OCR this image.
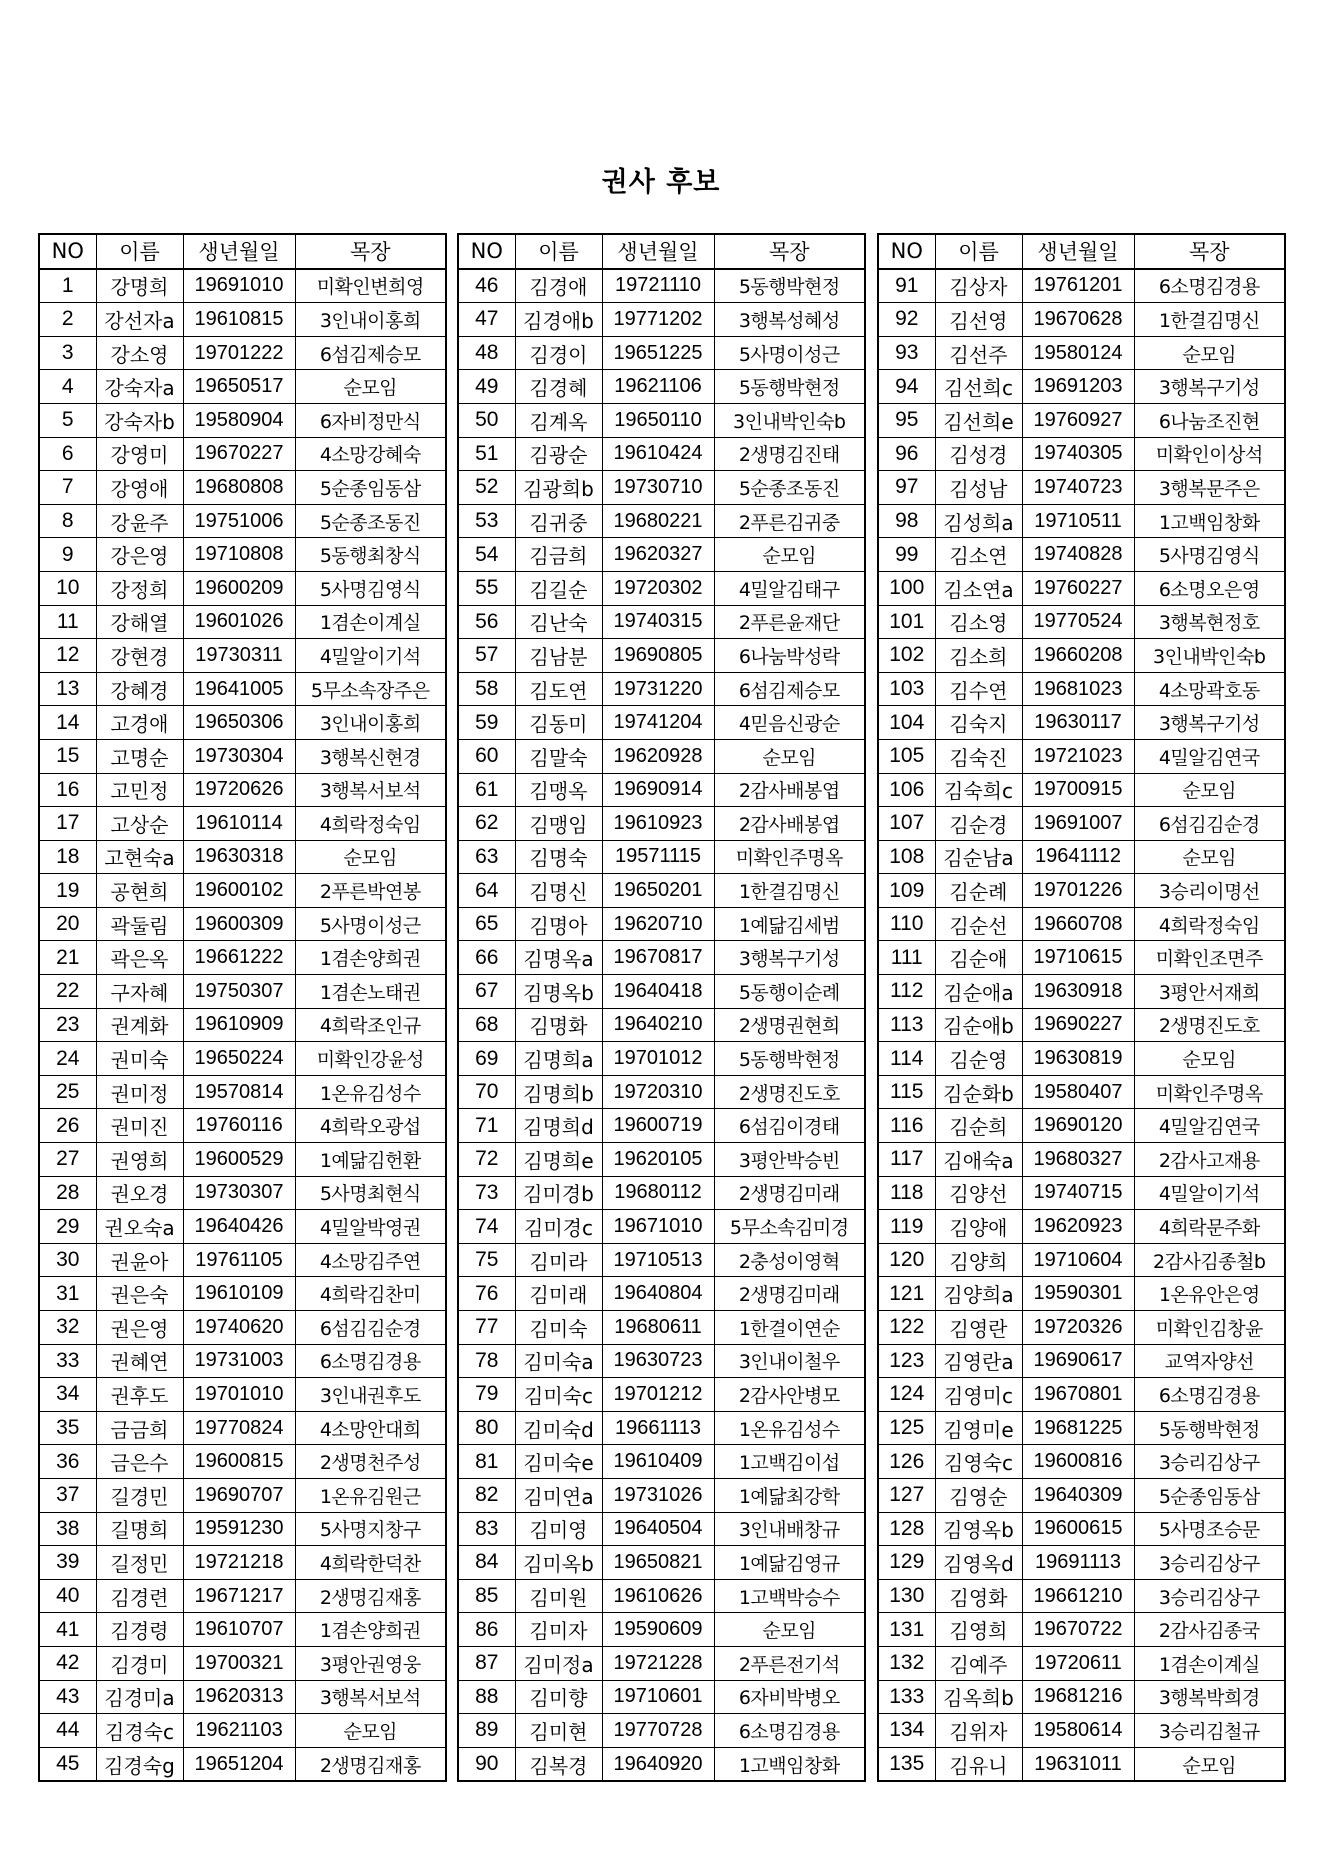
권사 후보
NO	이름	생년월일	목장
1	강명희	19691010	미확인변희영
2	강선자a	19610815	3인내이홍희
3	강소영	19701222	6섬김제승모
4	강숙자a	19650517	순모임
5	강숙자b	19580904	6자비정만식
6	강영미	19670227	4소망강혜숙
7	강영애	19680808	5순종임동삼
8	강윤주	19751006	5순종조동진
9	강은영	19710808	5동행최창식
10	강정희	19600209	5사명김영식
11	강해열	19601026	1겸손이계실
12	강현경	19730311	4밀알이기석
13	강혜경	19641005	5무소속장주은
14	고경애	19650306	3인내이홍희
15	고명순	19730304	3행복신현경
16	고민정	19720626	3행복서보석
17	고상순	19610114	4희락정숙임
18	고현숙a	19630318	순모임
19	공현희	19600102	2푸른박연봉
20	곽둘림	19600309	5사명이성근
21	곽은옥	19661222	1겸손양희권
22	구자혜	19750307	1겸손노태권
23	권계화	19610909	4희락조인규
24	권미숙	19650224	미확인강윤성
25	권미정	19570814	1온유김성수
26	권미진	19760116	4희락오광섭
27	권영희	19600529	1예닮김헌환
28	권오경	19730307	5사명최현식
29	권오숙a	19640426	4밀알박영권
30	권윤아	19761105	4소망김주연
31	권은숙	19610109	4희락김찬미
32	권은영	19740620	6섬김김순경
33	권혜연	19731003	6소명김경용
34	권후도	19701010	3인내권후도
35	금금희	19770824	4소망안대희
36	금은수	19600815	2생명천주성
37	길경민	19690707	1온유김원근
38	길명희	19591230	5사명지창구
39	길정민	19721218	4희락한덕찬
40	김경련	19671217	2생명김재홍
41	김경령	19610707	1겸손양희권
42	김경미	19700321	3평안권영웅
43	김경미a	19620313	3행복서보석
44	김경숙c	19621103	순모임
45	김경숙g	19651204	2생명김재홍
NO	이름	생년월일	목장
46	김경애	19721110	5동행박현정
47	김경애b	19771202	3행복성혜성
48	김경이	19651225	5사명이성근
49	김경혜	19621106	5동행박현정
50	김계옥	19650110	3인내박인숙b
51	김광순	19610424	2생명김진태
52	김광희b	19730710	5순종조동진
53	김귀중	19680221	2푸른김귀중
54	김금희	19620327	순모임
55	김길순	19720302	4밀알김태구
56	김난숙	19740315	2푸른윤재단
57	김남분	19690805	6나눔박성락
58	김도연	19731220	6섬김제승모
59	김동미	19741204	4믿음신광순
60	김말숙	19620928	순모임
61	김맹옥	19690914	2감사배봉엽
62	김맹임	19610923	2감사배봉엽
63	김명숙	19571115	미확인주명옥
64	김명신	19650201	1한결김명신
65	김명아	19620710	1예닮김세범
66	김명옥a	19670817	3행복구기성
67	김명옥b	19640418	5동행이순례
68	김명화	19640210	2생명권현희
69	김명희a	19701012	5동행박현정
70	김명희b	19720310	2생명진도호
71	김명희d	19600719	6섬김이경태
72	김명희e	19620105	3평안박승빈
73	김미경b	19680112	2생명김미래
74	김미경c	19671010	5무소속김미경
75	김미라	19710513	2충성이영혁
76	김미래	19640804	2생명김미래
77	김미숙	19680611	1한결이연순
78	김미숙a	19630723	3인내이철우
79	김미숙c	19701212	2감사안병모
80	김미숙d	19661113	1온유김성수
81	김미숙e	19610409	1고백김이섭
82	김미연a	19731026	1예닮최강학
83	김미영	19640504	3인내배창규
84	김미옥b	19650821	1예닮김영규
85	김미원	19610626	1고백박승수
86	김미자	19590609	순모임
87	김미정a	19721228	2푸른전기석
88	김미향	19710601	6자비박병오
89	김미현	19770728	6소명김경용
90	김복경	19640920	1고백임창화
NO	이름	생년월일	목장
91	김상자	19761201	6소명김경용
92	김선영	19670628	1한결김명신
93	김선주	19580124	순모임
94	김선희c	19691203	3행복구기성
95	김선희e	19760927	6나눔조진현
96	김성경	19740305	미확인이상석
97	김성남	19740723	3행복문주은
98	김성희a	19710511	1고백임창화
99	김소연	19740828	5사명김영식
100	김소연a	19760227	6소명오은영
101	김소영	19770524	3행복현정호
102	김소희	19660208	3인내박인숙b
103	김수연	19681023	4소망곽호동
104	김숙지	19630117	3행복구기성
105	김숙진	19721023	4밀알김연국
106	김숙희c	19700915	순모임
107	김순경	19691007	6섬김김순경
108	김순남a	19641112	순모임
109	김순례	19701226	3승리이명선
110	김순선	19660708	4희락정숙임
111	김순애	19710615	미확인조면주
112	김순애a	19630918	3평안서재희
113	김순애b	19690227	2생명진도호
114	김순영	19630819	순모임
115	김순화b	19580407	미확인주명옥
116	김순희	19690120	4밀알김연국
117	김애숙a	19680327	2감사고재용
118	김양선	19740715	4밀알이기석
119	김양애	19620923	4희락문주화
120	김양희	19710604	2감사김종철b
121	김양희a	19590301	1온유안은영
122	김영란	19720326	미확인김창윤
123	김영란a	19690617	교역자양선
124	김영미c	19670801	6소명김경용
125	김영미e	19681225	5동행박현정
126	김영숙c	19600816	3승리김상구
127	김영순	19640309	5순종임동삼
128	김영옥b	19600615	5사명조승문
129	김영옥d	19691113	3승리김상구
130	김영화	19661210	3승리김상구
131	김영희	19670722	2감사김종국
132	김예주	19720611	1겸손이계실
133	김옥희b	19681216	3행복박희경
134	김위자	19580614	3승리김철규
135	김유니	19631011	순모임
